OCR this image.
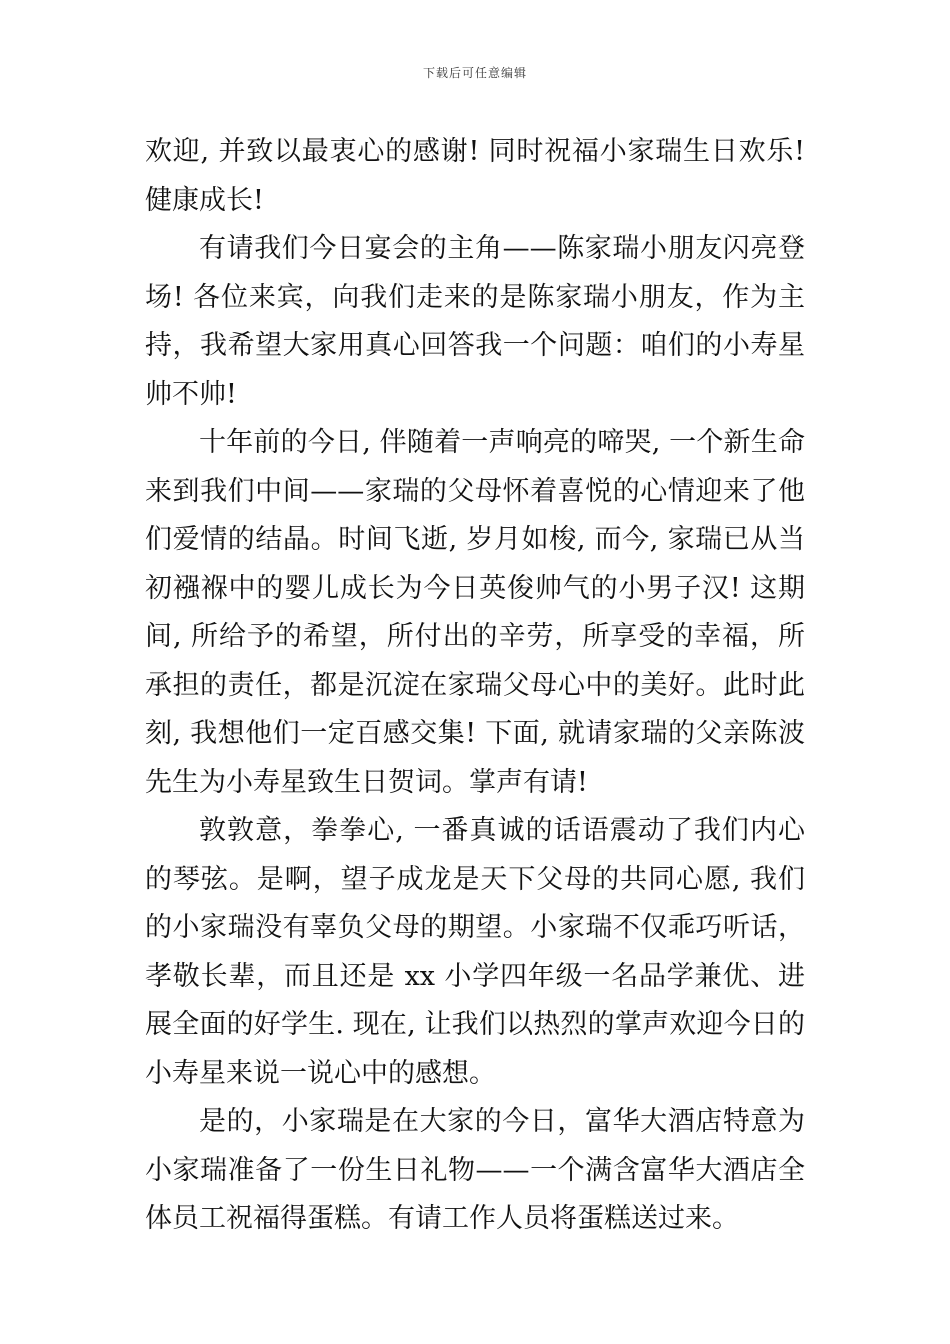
下载后可任意编辑

欢迎, 并致以最衷心的感谢! 同时祝福小家瑞生日欢乐! 健康成长!

有请我们今日宴会的主角——陈家瑞小朋友闪亮登场! 各位来宾，向我们走来的是陈家瑞小朋友，作为主持，我希望大家用真心回答我一个问题：咱们的小寿星帅不帅!

十年前的今日, 伴随着一声响亮的啼哭, 一个新生命来到我们中间——家瑞的父母怀着喜悦的心情迎来了他们爱情的结晶。时间飞逝, 岁月如梭, 而今, 家瑞已从当初襁褓中的婴儿成长为今日英俊帅气的小男子汉! 这期间, 所给予的希望，所付出的辛劳，所享受的幸福，所承担的责任，都是沉淀在家瑞父母心中的美好。此时此刻, 我想他们一定百感交集! 下面, 就请家瑞的父亲陈波先生为小寿星致生日贺词。掌声有请!

敦敦意，拳拳心, 一番真诚的话语震动了我们内心的琴弦。是啊，望子成龙是天下父母的共同心愿, 我们的小家瑞没有辜负父母的期望。小家瑞不仅乖巧听话，孝敬长辈，而且还是 xx 小学四年级一名品学兼优、进展全面的好学生. 现在, 让我们以热烈的掌声欢迎今日的小寿星来说一说心中的感想。

是的，小家瑞是在大家的今日，富华大酒店特意为小家瑞准备了一份生日礼物——一个满含富华大酒店全体员工祝福得蛋糕。有请工作人员将蛋糕送过来。
